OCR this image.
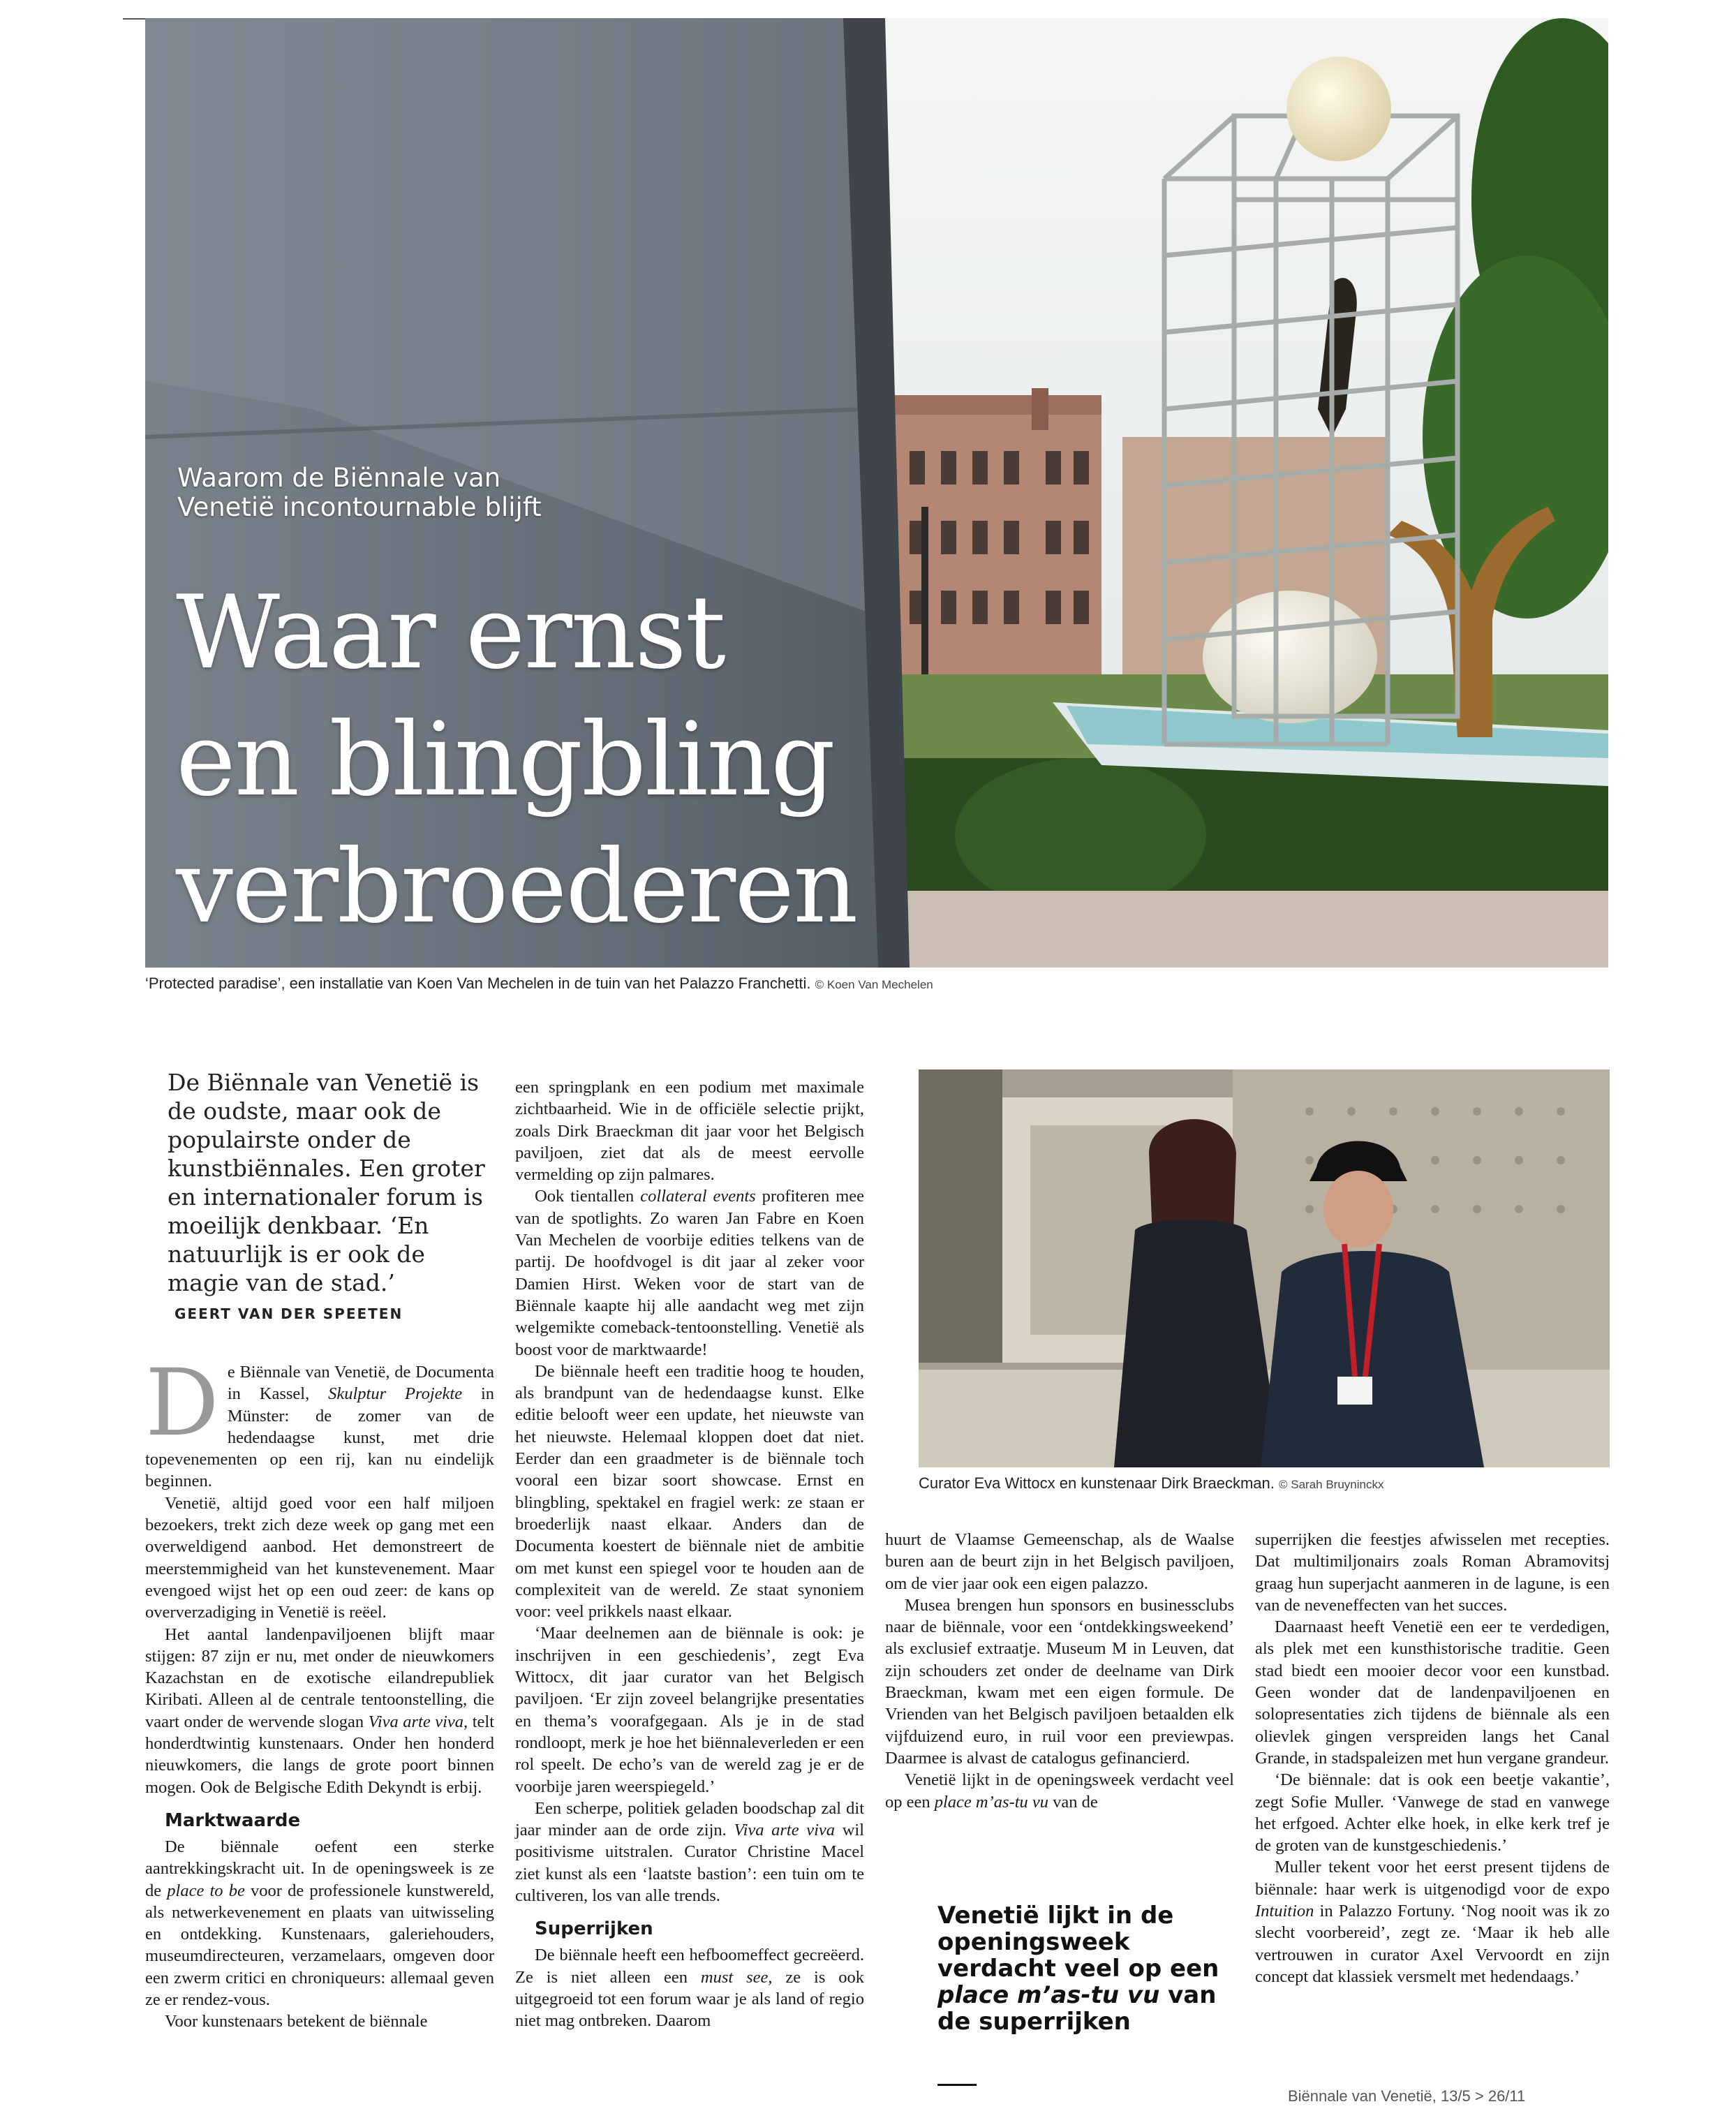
Waarom de Biënnale van
Venetië incontournable blijft
Waar ernst
en blingbling
verbroederen
‘Protected paradise’, een installatie van Koen Van Mechelen in de tuin van het Palazzo Franchetti. © Koen Van Mechelen
De Biënnale van Venetië is de oudste, maar ook de populairste onder de kunstbiënnales. Een groter en internationaler forum is moeilijk denkbaar. ‘En natuurlijk is er ook de magie van de stad.’
GEERT VAN DER SPEETEN

De Biënnale van Venetië, de Documenta in Kassel, Skulptur Projekte in Münster: de zomer van de hedendaagse kunst, met drie topevenementen op een rij, kan nu eindelijk beginnen.

Venetië, altijd goed voor een half miljoen bezoekers, trekt zich deze week op gang met een overweldigend aanbod. Het demonstreert de meerstemmigheid van het kunstevenement. Maar evengoed wijst het op een oud zeer: de kans op oververzadiging in Venetië is reëel.

Het aantal landenpaviljoenen blijft maar stijgen: 87 zijn er nu, met onder de nieuwkomers Kazachstan en de exotische eilandrepubliek Kiribati. Alleen al de centrale tentoonstelling, die vaart onder de wervende slogan Viva arte viva, telt honderdtwintig kunstenaars. Onder hen honderd nieuwkomers, die langs de grote poort binnen mogen. Ook de Belgische Edith Dekyndt is erbij.

Marktwaarde

De biënnale oefent een sterke aantrekkingskracht uit. In de openingsweek is ze de place to be voor de professionele kunstwereld, als netwerkevenement en plaats van uitwisseling en ontdekking. Kunstenaars, galeriehouders, museumdirecteuren, verzamelaars, omgeven door een zwerm critici en chroniqueurs: allemaal geven ze er rendez-vous.

Voor kunstenaars betekent de biënnale

een springplank en een podium met maximale zichtbaarheid. Wie in de officiële selectie prijkt, zoals Dirk Braeckman dit jaar voor het Belgisch paviljoen, ziet dat als de meest eervolle vermelding op zijn palmares.

Ook tientallen collateral events profiteren mee van de spotlights. Zo waren Jan Fabre en Koen Van Mechelen de voorbije edities telkens van de partij. De hoofdvogel is dit jaar al zeker voor Damien Hirst. Weken voor de start van de Biënnale kaapte hij alle aandacht weg met zijn welgemikte comeback-tentoonstelling. Venetië als boost voor de marktwaarde!

De biënnale heeft een traditie hoog te houden, als brandpunt van de hedendaagse kunst. Elke editie belooft weer een update, het nieuwste van het nieuwste. Helemaal kloppen doet dat niet. Eerder dan een graadmeter is de biënnale toch vooral een bizar soort showcase. Ernst en blingbling, spektakel en fragiel werk: ze staan er broederlijk naast elkaar. Anders dan de Documenta koestert de biënnale niet de ambitie om met kunst een spiegel voor te houden aan de complexiteit van de wereld. Ze staat synoniem voor: veel prikkels naast elkaar.

‘Maar deelnemen aan de biënnale is ook: je inschrijven in een geschiedenis’, zegt Eva Wittocx, dit jaar curator van het Belgisch paviljoen. ‘Er zijn zoveel belangrijke presentaties en thema’s voorafgegaan. Als je in de stad rondloopt, merk je hoe het biënnaleverleden er een rol speelt. De echo’s van de wereld zag je er de voorbije jaren weerspiegeld.’

Een scherpe, politiek geladen boodschap zal dit jaar minder aan de orde zijn. Viva arte viva wil positivisme uitstralen. Curator Christine Macel ziet kunst als een ‘laatste bastion’: een tuin om te cultiveren, los van alle trends.

Superrijken

De biënnale heeft een hefboomeffect gecreëerd. Ze is niet alleen een must see, ze is ook uitgegroeid tot een forum waar je als land of regio niet mag ontbreken. Daarom

Curator Eva Wittocx en kunstenaar Dirk Braeckman. © Sarah Bruyninckx

huurt de Vlaamse Gemeenschap, als de Waalse buren aan de beurt zijn in het Belgisch paviljoen, om de vier jaar ook een eigen palazzo.

Musea brengen hun sponsors en businessclubs naar de biënnale, voor een ‘ontdekkingsweekend’ als exclusief extraatje. Museum M in Leuven, dat zijn schouders zet onder de deelname van Dirk Braeckman, kwam met een eigen formule. De Vrienden van het Belgisch paviljoen betaalden elk vijfduizend euro, in ruil voor een previewpas. Daarmee is alvast de catalogus gefinancierd.

Venetië lijkt in de openingsweek verdacht veel op een place m’as-tu vu van de

Venetië lijkt in de openingsweek verdacht veel op een place m’as-tu vu van de superrijken

superrijken die feestjes afwisselen met recepties. Dat multimiljonairs zoals Roman Abramovitsj graag hun superjacht aanmeren in de lagune, is een van de neveneffecten van het succes.

Daarnaast heeft Venetië een eer te verdedigen, als plek met een kunsthistorische traditie. Geen stad biedt een mooier decor voor een kunstbad. Geen wonder dat de landenpaviljoenen en solopresentaties zich tijdens de biënnale als een olievlek gingen verspreiden langs het Canal Grande, in stadspaleizen met hun vergane grandeur.

‘De biënnale: dat is ook een beetje vakantie’, zegt Sofie Muller. ‘Vanwege de stad en vanwege het erfgoed. Achter elke hoek, in elke kerk tref je de groten van de kunstgeschiedenis.’

Muller tekent voor het eerst present tijdens de biënnale: haar werk is uitgenodigd voor de expo Intuition in Palazzo Fortuny. ‘Nog nooit was ik zo slecht voorbereid’, zegt ze. ‘Maar ik heb alle vertrouwen in curator Axel Vervoordt en zijn concept dat klassiek versmelt met hedendaags.’

Biënnale van Venetië, 13/5 > 26/11
